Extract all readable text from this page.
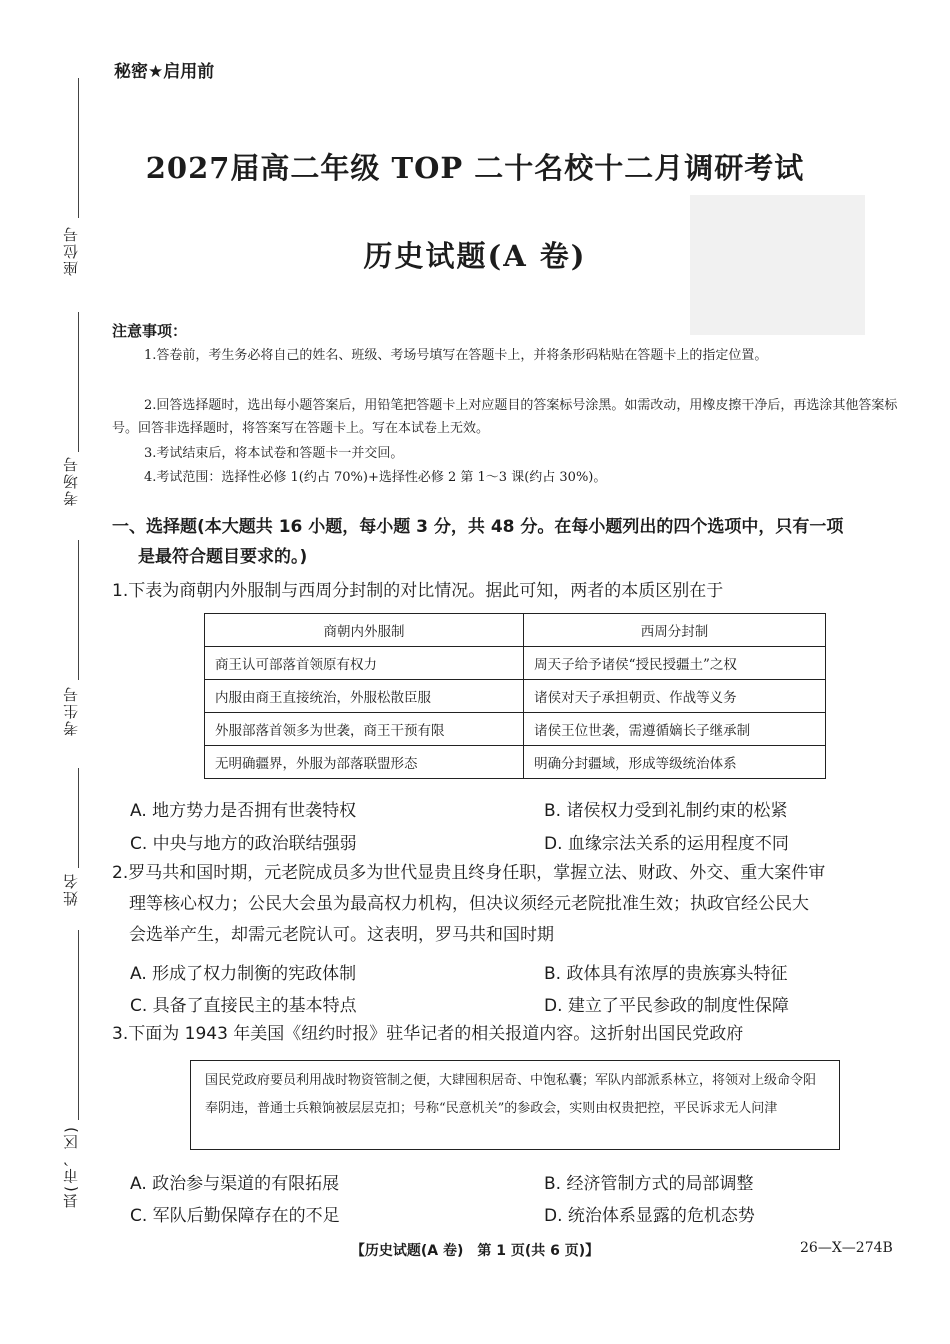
秘密★启用前
2027届高二年级 TOP 二十名校十二月调研考试
历史试题(A 卷)
座位号
考场号
考生号
姓名
县(市、区)
注意事项：
1.答卷前，考生务必将自己的姓名、班级、考场号填写在答题卡上，并将条形码粘贴在答题卡上的指定位置。
2.回答选择题时，选出每小题答案后，用铅笔把答题卡上对应题目的答案标号涂黑。如需改动，用橡皮擦干净后，再选涂其他答案标号。回答非选择题时，将答案写在答题卡上。写在本试卷上无效。
3.考试结束后，将本试卷和答题卡一并交回。
4.考试范围：选择性必修 1(约占 70%)+选择性必修 2 第 1～3 课(约占 30%)。
一、选择题(本大题共 16 小题，每小题 3 分，共 48 分。在每小题列出的四个选项中，只有一项
是最符合题目要求的。)
1.下表为商朝内外服制与西周分封制的对比情况。据此可知，两者的本质区别在于
商朝内外服制	西周分封制
商王认可部落首领原有权力	周天子给予诸侯“授民授疆土”之权
内服由商王直接统治，外服松散臣服	诸侯对天子承担朝贡、作战等义务
外服部落首领多为世袭，商王干预有限	诸侯王位世袭，需遵循嫡长子继承制
无明确疆界，外服为部落联盟形态	明确分封疆域，形成等级统治体系
A. 地方势力是否拥有世袭特权	B. 诸侯权力受到礼制约束的松紧
C. 中央与地方的政治联结强弱	D. 血缘宗法关系的运用程度不同
2.罗马共和国时期，元老院成员多为世代显贵且终身任职，掌握立法、财政、外交、重大案件审
理等核心权力；公民大会虽为最高权力机构，但决议须经元老院批准生效；执政官经公民大
会选举产生，却需元老院认可。这表明，罗马共和国时期
A. 形成了权力制衡的宪政体制	B. 政体具有浓厚的贵族寡头特征
C. 具备了直接民主的基本特点	D. 建立了平民参政的制度性保障
3.下面为 1943 年美国《纽约时报》驻华记者的相关报道内容。这折射出国民党政府
国民党政府要员利用战时物资管制之便，大肆囤积居奇、中饱私囊；军队内部派系林立，将领对上级命令阳奉阴违，普通士兵粮饷被层层克扣；号称“民意机关”的参政会，实则由权贵把控，平民诉求无人问津
A. 政治参与渠道的有限拓展	B. 经济管制方式的局部调整
C. 军队后勤保障存在的不足	D. 统治体系显露的危机态势
【历史试题(A 卷)　第 1 页(共 6 页)】	26—X—274B
